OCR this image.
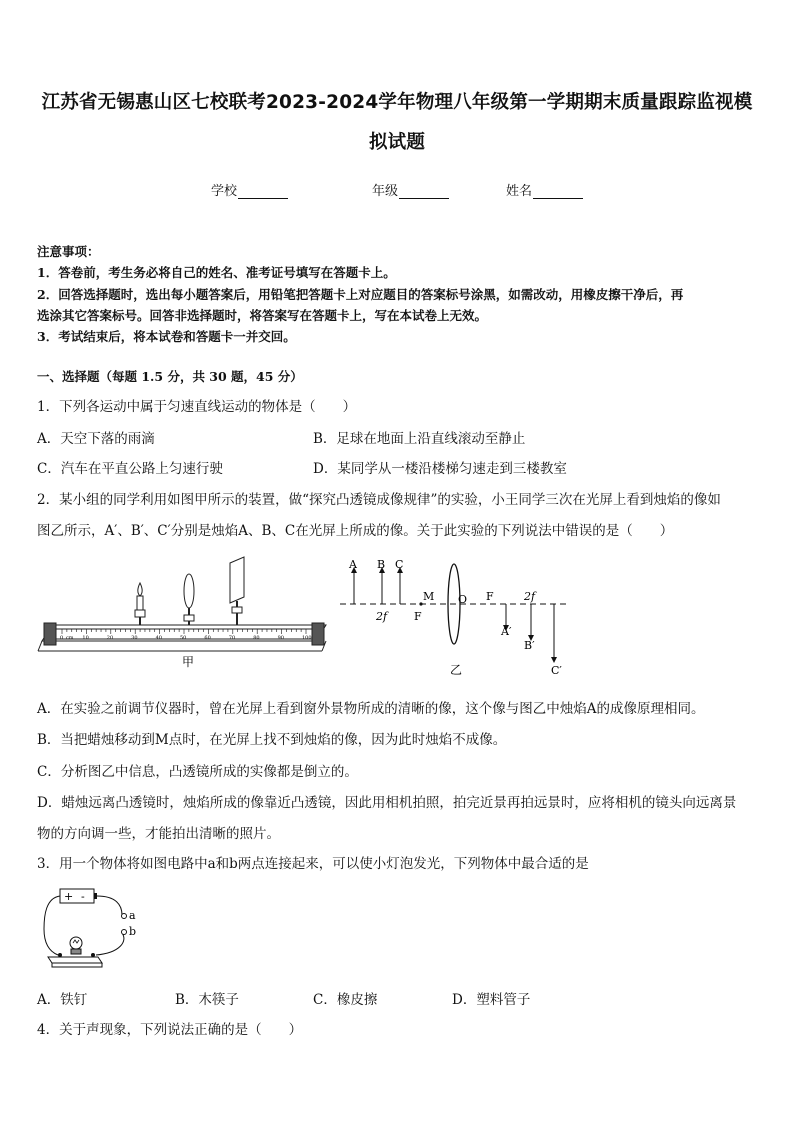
江苏省无锡惠山区七校联考2023-2024学年物理八年级第一学期期末质量跟踪监视模
拟试题
学校	年级	姓名
注意事项：
1．答卷前，考生务必将自己的姓名、准考证号填写在答题卡上。
2．回答选择题时，选出每小题答案后，用铅笔把答题卡上对应题目的答案标号涂黑，如需改动，用橡皮擦干净后，再
选涂其它答案标号。回答非选择题时，将答案写在答题卡上，写在本试卷上无效。
3．考试结束后，将本试卷和答题卡一并交回。
一、选择题（每题 1.5 分，共 30 题，45 分）
1．下列各运动中属于匀速直线运动的物体是（　　）
A．天空下落的雨滴	B．足球在地面上沿直线滚动至静止
C．汽车在平直公路上匀速行驶	D．某同学从一楼沿楼梯匀速走到三楼教室
2．某小组的同学利用如图甲所示的装置，做“探究凸透镜成像规律”的实验，小王同学三次在光屏上看到烛焰的像如
图乙所示，A′、B′、C′分别是烛焰A、B、C在光屏上所成的像。关于此实验的下列说法中错误的是（　　）
0 cm 10	20	30	40	50	60	70	80	90	100
甲
A B C
M O F	2f
2f F
A′
B′
C′
乙
A．在实验之前调节仪器时，曾在光屏上看到窗外景物所成的清晰的像，这个像与图乙中烛焰A的成像原理相同。
B．当把蜡烛移动到M点时，在光屏上找不到烛焰的像，因为此时烛焰不成像。
C．分析图乙中信息，凸透镜所成的实像都是倒立的。
D．蜡烛远离凸透镜时，烛焰所成的像靠近凸透镜，因此用相机拍照，拍完近景再拍远景时，应将相机的镜头向远离景
物的方向调一些，才能拍出清晰的照片。
3．用一个物体将如图电路中a和b两点连接起来，可以使小灯泡发光，下列物体中最合适的是
+ -
a
b
A．铁钉	B．木筷子	C．橡皮擦	D．塑料管子
4．关于声现象，下列说法正确的是（　　）
